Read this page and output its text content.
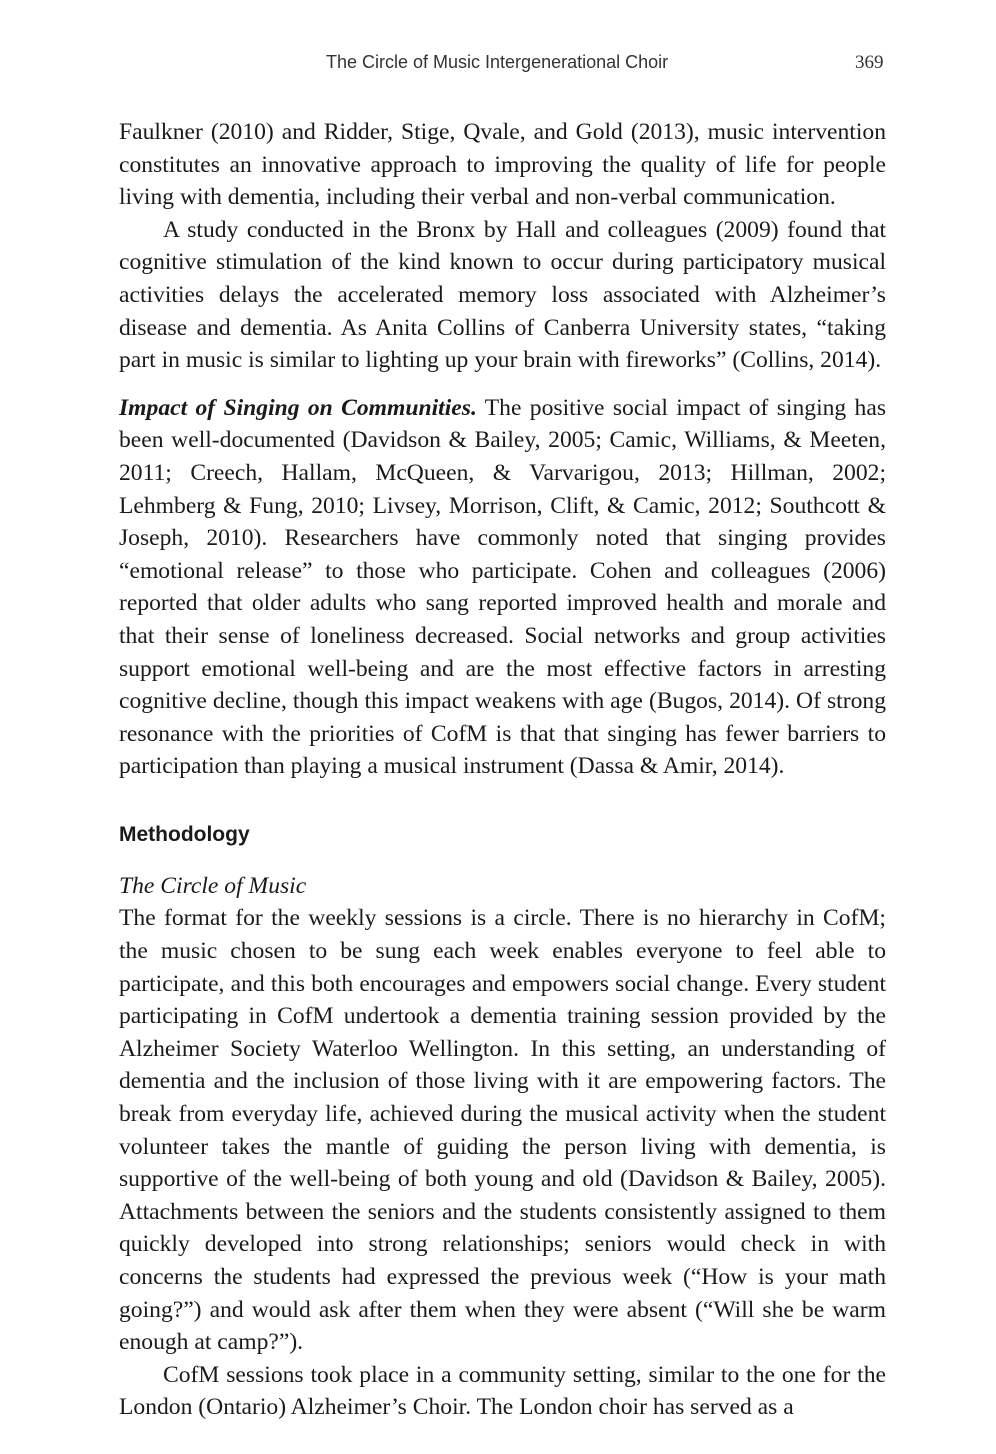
The Circle of Music Intergenerational Choir	369

Faulkner (2010) and Ridder, Stige, Qvale, and Gold (2013), music intervention constitutes an innovative approach to improving the quality of life for people living with dementia, including their verbal and non-verbal communication.

A study conducted in the Bronx by Hall and colleagues (2009) found that cognitive stimulation of the kind known to occur during participatory musical activities delays the accelerated memory loss associated with Alzheimer’s disease and dementia. As Anita Collins of Canberra University states, “taking part in music is similar to lighting up your brain with fireworks” (Collins, 2014).

Impact of Singing on Communities. The positive social impact of singing has been well-documented (Davidson & Bailey, 2005; Camic, Williams, & Meeten, 2011; Creech, Hallam, McQueen, & Varvarigou, 2013; Hillman, 2002; Lehmberg & Fung, 2010; Livsey, Morrison, Clift, & Camic, 2012; Southcott & Joseph, 2010). Researchers have commonly noted that singing provides “emotional release” to those who participate. Cohen and colleagues (2006) reported that older adults who sang reported improved health and morale and that their sense of loneliness decreased. Social networks and group activities support emotional well-being and are the most effective factors in arresting cognitive decline, though this impact weakens with age (Bugos, 2014). Of strong resonance with the priorities of CofM is that that singing has fewer barriers to participation than playing a musical instrument (Dassa & Amir, 2014).

Methodology

The Circle of Music

The format for the weekly sessions is a circle. There is no hierarchy in CofM; the music chosen to be sung each week enables everyone to feel able to participate, and this both encourages and empowers social change. Every student participating in CofM undertook a dementia training session provided by the Alzheimer Society Waterloo Wellington. In this setting, an understanding of dementia and the inclusion of those living with it are empowering factors. The break from everyday life, achieved during the musical activity when the student volunteer takes the mantle of guiding the person living with dementia, is supportive of the well-being of both young and old (Davidson & Bailey, 2005). Attachments between the seniors and the students consistently assigned to them quickly developed into strong relationships; seniors would check in with concerns the students had expressed the previous week (“How is your math going?”) and would ask after them when they were absent (“Will she be warm enough at camp?”).

CofM sessions took place in a community setting, similar to the one for the London (Ontario) Alzheimer’s Choir. The London choir has served as a
